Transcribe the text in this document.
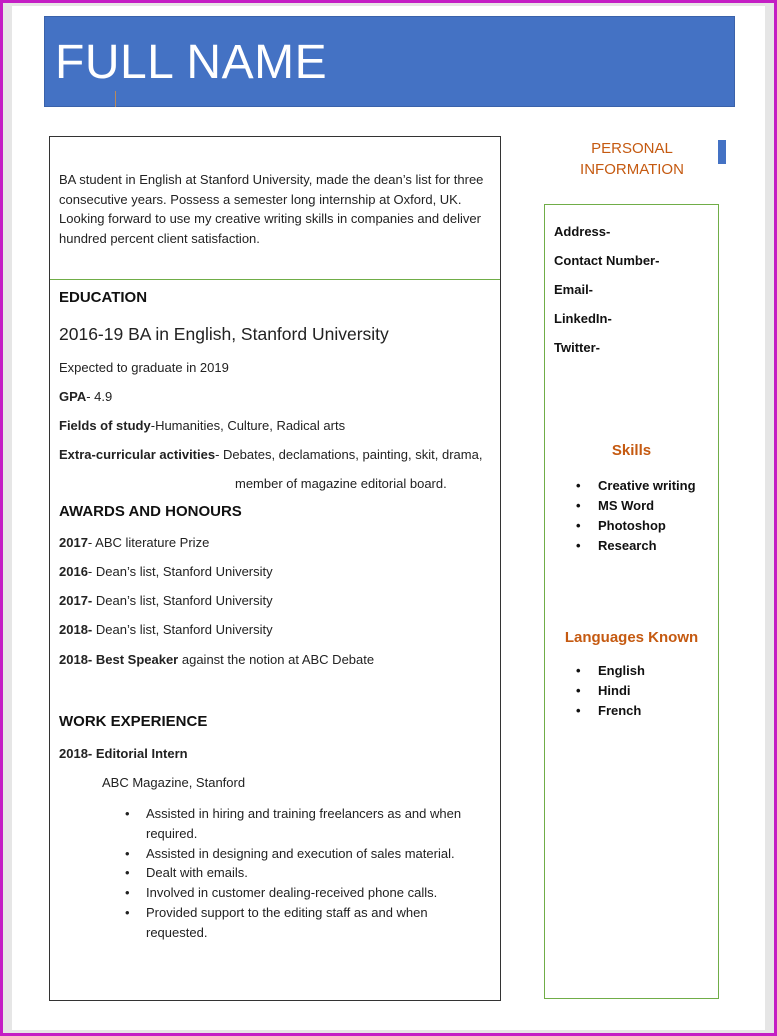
FULL NAME

BA student in English at Stanford University, made the dean’s list for three consecutive years. Possess a semester long internship at Oxford, UK. Looking forward to use my creative writing skills in companies and deliver hundred percent client satisfaction.

EDUCATION
2016-19 BA in English, Stanford University
Expected to graduate in 2019
GPA- 4.9
Fields of study-Humanities, Culture, Radical arts
Extra-curricular activities- Debates, declamations, painting, skit, drama,
member of magazine editorial board.
AWARDS AND HONOURS
2017- ABC literature Prize
2016- Dean’s list, Stanford University
2017- Dean’s list, Stanford University
2018- Dean’s list, Stanford University
2018- Best Speaker against the notion at ABC Debate
WORK EXPERIENCE
2018- Editorial Intern
ABC Magazine, Stanford
• Assisted in hiring and training freelancers as and when required.
• Assisted in designing and execution of sales material.
• Dealt with emails.
• Involved in customer dealing-received phone calls.
• Provided support to the editing staff as and when requested.
PERSONAL
INFORMATION
Address-
Contact Number-
Email-
LinkedIn-
Twitter-
Skills
• Creative writing
• MS Word
• Photoshop
• Research
Languages Known
• English
• Hindi
• French
